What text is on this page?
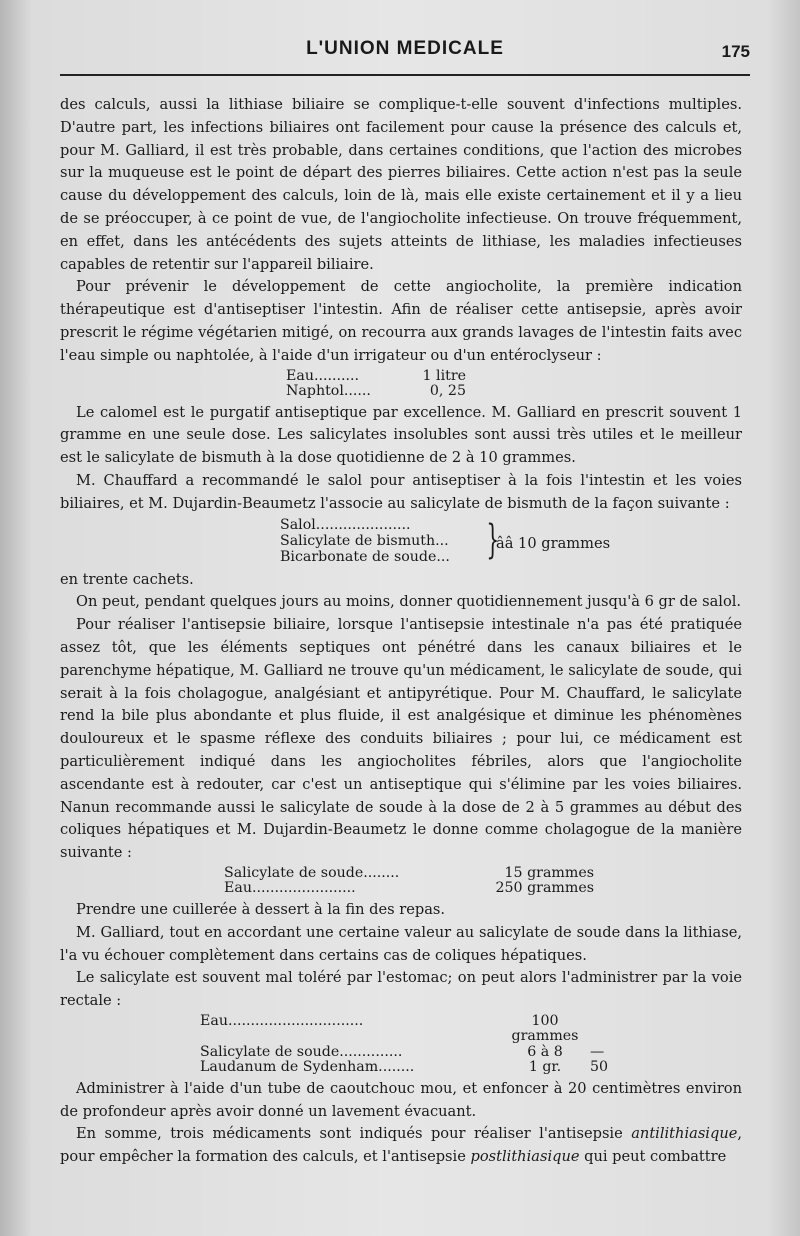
L'UNION MEDICALE	175

des calculs, aussi la lithiase biliaire se complique-t-elle souvent d'infections multiples. D'autre part, les infections biliaires ont facilement pour cause la présence des calculs et, pour M. Galliard, il est très probable, dans certaines conditions, que l'action des microbes sur la muqueuse est le point de départ des pierres biliaires. Cette action n'est pas la seule cause du développement des calculs, loin de là, mais elle existe certainement et il y a lieu de se préoccuper, à ce point de vue, de l'angiocholite infectieuse. On trouve fréquemment, en effet, dans les antécédents des sujets atteints de lithiase, les maladies infectieuses capables de retentir sur l'appareil biliaire.

Pour prévenir le développement de cette angiocholite, la première indication thérapeutique est d'antiseptiser l'intestin. Afin de réaliser cette antisepsie, après avoir prescrit le régime végétarien mitigé, on recourra aux grands lavages de l'intestin faits avec l'eau simple ou naphtolée, à l'aide d'un irrigateur ou d'un entéroclyseur :

Eau..........	1 litre
Naphtol......	0, 25

Le calomel est le purgatif antiseptique par excellence. M. Galliard en prescrit souvent 1 gramme en une seule dose. Les salicylates insolubles sont aussi très utiles et le meilleur est le salicylate de bismuth à la dose quotidienne de 2 à 10 grammes.

M. Chauffard a recommandé le salol pour antiseptiser à la fois l'intestin et les voies biliaires, et M. Dujardin-Beaumetz l'associe au salicylate de bismuth de la façon suivante :

Salol.....................
Salicylate de bismuth...
Bicarbonate de soude... }
ââ 10 grammes

en trente cachets.

On peut, pendant quelques jours au moins, donner quotidiennement jusqu'à 6 gr de salol.

Pour réaliser l'antisepsie biliaire, lorsque l'antisepsie intestinale n'a pas été pratiquée assez tôt, que les éléments septiques ont pénétré dans les canaux biliaires et le parenchyme hépatique, M. Galliard ne trouve qu'un médicament, le salicylate de soude, qui serait à la fois cholagogue, analgésiant et antipyrétique. Pour M. Chauffard, le salicylate rend la bile plus abondante et plus fluide, il est analgésique et diminue les phénomènes douloureux et le spasme réflexe des conduits biliaires ; pour lui, ce médicament est particulièrement indiqué dans les angiocholites fébriles, alors que l'angiocholite ascendante est à redouter, car c'est un antiseptique qui s'élimine par les voies biliaires. Nanun recommande aussi le salicylate de soude à la dose de 2 à 5 grammes au début des coliques hépatiques et M. Dujardin-Beaumetz le donne comme cholagogue de la manière suivante :

Salicylate de soude........	15 grammes
Eau.......................	250 grammes

Prendre une cuillerée à dessert à la fin des repas.

M. Galliard, tout en accordant une certaine valeur au salicylate de soude dans la lithiase, l'a vu échouer complètement dans certains cas de coliques hépatiques.

Le salicylate est souvent mal toléré par l'estomac; on peut alors l'administrer par la voie rectale :

Eau..............................	100 grammes
Salicylate de soude..............	6 à 8	—
Laudanum de Sydenham........	1 gr.	50

Administrer à l'aide d'un tube de caoutchouc mou, et enfoncer à 20 centimètres environ de profondeur après avoir donné un lavement évacuant.

En somme, trois médicaments sont indiqués pour réaliser l'antisepsie antilithiasique, pour empêcher la formation des calculs, et l'antisepsie postlithiasique qui peut combattre
